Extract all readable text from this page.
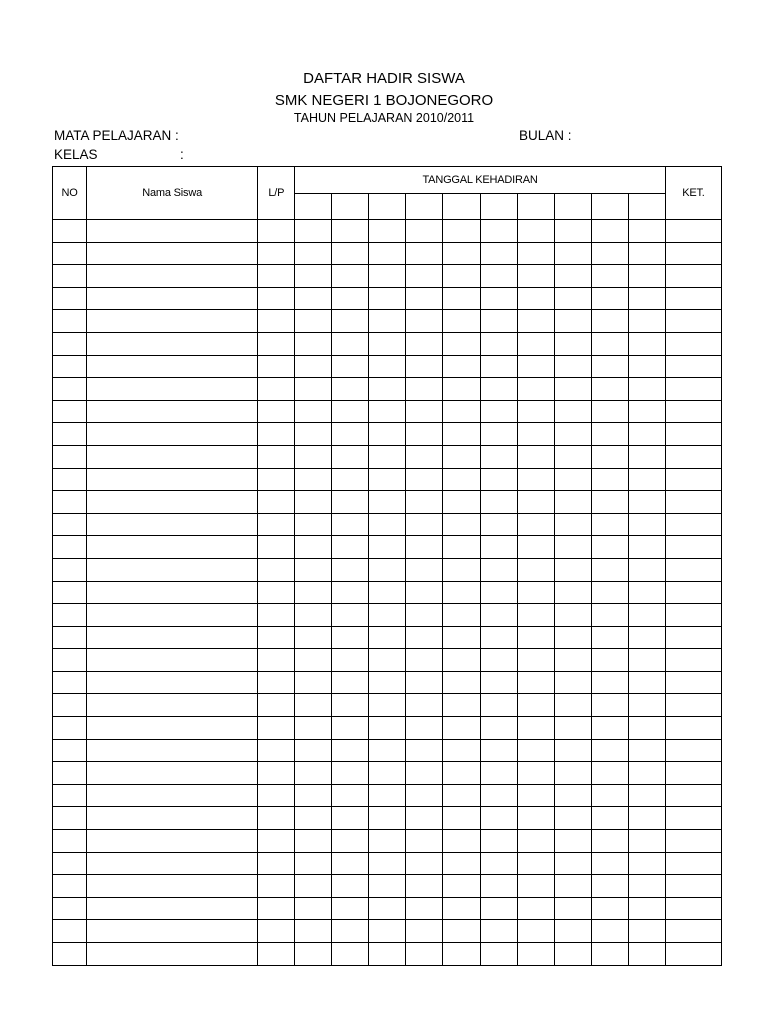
DAFTAR HADIR SISWA
SMK NEGERI 1 BOJONEGORO
TAHUN PELAJARAN 2010/2011
MATA PELAJARAN :	BULAN :
KELAS	:
NO	Nama Siswa	L/P	TANGGAL KEHADIRAN										KET.
